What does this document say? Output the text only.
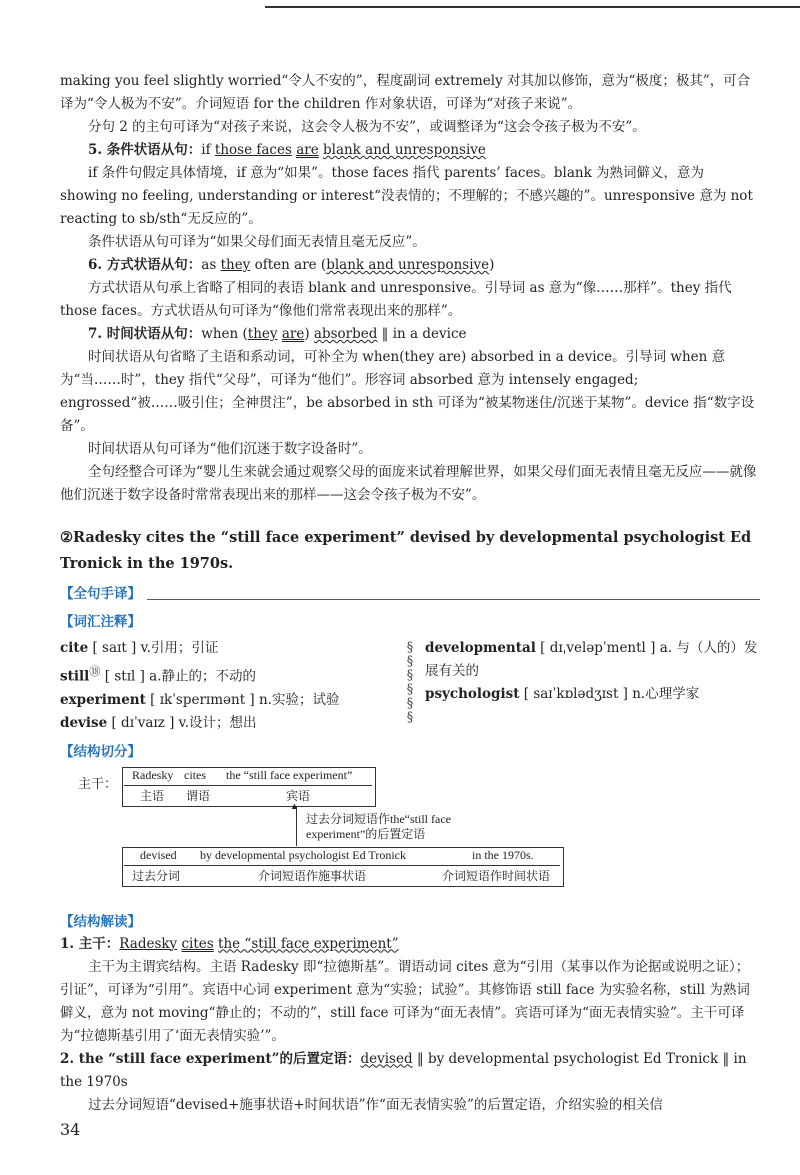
making you feel slightly worried“令人不安的”，程度副词 extremely 对其加以修饰，意为“极度；极其”，可合译为“令人极为不安”。介词短语 for the children 作对象状语，可译为“对孩子来说”。

分句 2 的主句可译为“对孩子来说，这会令人极为不安”，或调整译为“这会令孩子极为不安”。

5. 条件状语从句：if those faces are blank and unresponsive

if 条件句假定具体情境，if 意为“如果”。those faces 指代 parents’ faces。blank 为熟词僻义，意为 showing no feeling, understanding or interest“没表情的；不理解的；不感兴趣的”。unresponsive 意为 not reacting to sb/sth“无反应的”。

条件状语从句可译为“如果父母们面无表情且毫无反应”。

6. 方式状语从句：as they often are (blank and unresponsive)

方式状语从句承上省略了相同的表语 blank and unresponsive。引导词 as 意为“像……那样”。they 指代 those faces。方式状语从句可译为“像他们常常表现出来的那样”。

7. 时间状语从句：when (they are) absorbed ‖ in a device

时间状语从句省略了主语和系动词，可补全为 when(they are) absorbed in a device。引导词 when 意为“当……时”，they 指代“父母”，可译为“他们”。形容词 absorbed 意为 intensely engaged; engrossed“被……吸引住；全神贯注”，be absorbed in sth 可译为“被某物迷住/沉迷于某物”。device 指“数字设备”。

时间状语从句可译为“他们沉迷于数字设备时”。

全句经整合可译为“婴儿生来就会通过观察父母的面庞来试着理解世界，如果父母们面无表情且毫无反应——就像他们沉迷于数字设备时常常表现出来的那样——这会令孩子极为不安”。

②Radesky cites the “still face experiment” devised by developmental psychologist Ed Tronick in the 1970s.

【全句手译】
【词汇注释】

cite [ saɪt ] v.引用；引证

still⑱ [ stɪl ] a.静止的；不动的

experiment [ ɪkˈsperɪmənt ] n.实验；试验

devise [ dɪˈvaɪz ] v.设计；想出

§
§
§
§
§
§

developmental [ dɪˌveləpˈmentl ] a. 与（人的）发展有关的

psychologist [ saɪˈkɒlədʒɪst ] n.心理学家

【结构切分】
主干：
Radesky cites the “still face experiment”
主语 谓语	宾语
▲
过去分词短语作the“still face
experiment”的后置定语
devised by developmental psychologist Ed Tronick	in the 1970s.
过去分词	介词短语作施事状语	介词短语作时间状语
【结构解读】

1. 主干：Radesky cites the “still face experiment”

主干为主谓宾结构。主语 Radesky 即“拉德斯基”。谓语动词 cites 意为“引用（某事以作为论据或说明之证）；引证”，可译为“引用”。宾语中心词 experiment 意为“实验；试验”。其修饰语 still face 为实验名称，still 为熟词僻义，意为 not moving“静止的；不动的”，still face 可译为“面无表情”。宾语可译为“面无表情实验”。主干可译为“拉德斯基引用了‘面无表情实验’”。

2. the “still face experiment”的后置定语：devised ‖ by developmental psychologist Ed Tronick ‖ in the 1970s

过去分词短语“devised+施事状语+时间状语”作“面无表情实验”的后置定语，介绍实验的相关信

34
